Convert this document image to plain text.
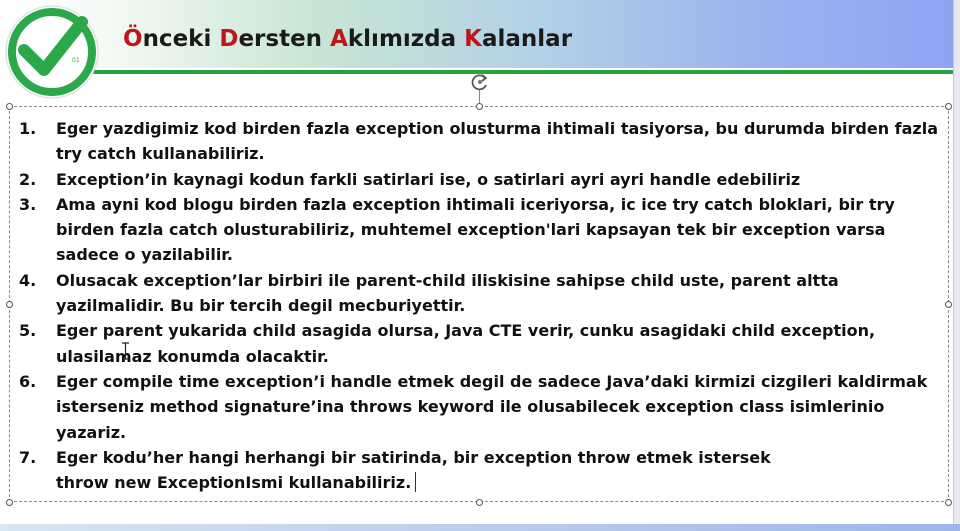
01
Önceki Dersten Aklımızda Kalanlar
1. Eger yazdigimiz kod birden fazla exception olusturma ihtimali tasiyorsa, bu durumda birden fazla try catch kullanabiliriz.
2. Exception’in kaynagi kodun farkli satirlari ise, o satirlari ayri ayri handle edebiliriz
3. Ama ayni kod blogu birden fazla exception ihtimali iceriyorsa, ic ice try catch bloklari, bir try birden fazla catch olusturabiliriz, muhtemel exception'lari kapsayan tek bir exception varsa sadece o yazilabilir.
4. Olusacak exception’lar birbiri ile parent-child iliskisine sahipse child uste, parent altta yazilmalidir. Bu bir tercih degil mecburiyettir.
5. Eger parent yukarida child asagida olursa, Java CTE verir, cunku asagidaki child exception, ulasilamaz konumda olacaktir.
6. Eger compile time exception’i handle etmek degil de sadece Java’daki kirmizi cizgileri kaldirmak isterseniz method signature’ina throws keyword ile olusabilecek exception class isimlerinio yazariz.
7. Eger kodu’her hangi herhangi bir satirinda, bir exception throw etmek istersek
throw new ExceptionIsmi kullanabiliriz.
